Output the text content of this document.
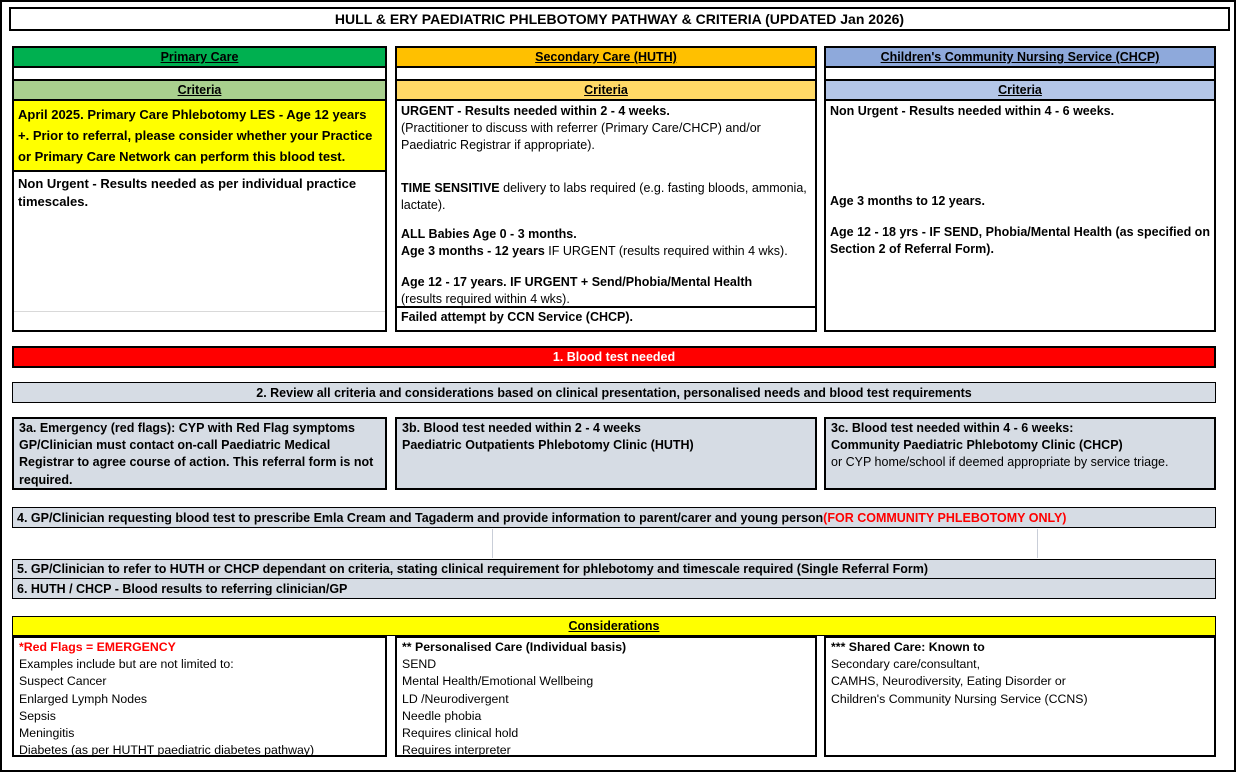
HULL & ERY PAEDIATRIC PHLEBOTOMY PATHWAY & CRITERIA (UPDATED Jan 2026)
Primary Care
Criteria
April 2025. Primary Care Phlebotomy LES - Age 12 years +. Prior to referral, please consider whether your Practice or Primary Care Network can perform this blood test.
Non Urgent - Results needed as per individual practice timescales.
Secondary Care (HUTH)
Criteria
URGENT - Results needed within 2 - 4 weeks.
(Practitioner to discuss with referrer (Primary Care/CHCP) and/or Paediatric Registrar if appropriate).
TIME SENSITIVE delivery to labs required (e.g. fasting bloods, ammonia, lactate).
ALL Babies Age 0 - 3 months.
Age 3 months - 12 years IF URGENT (results required within 4 wks).
Age 12 - 17 years. IF URGENT + Send/Phobia/Mental Health
(results required within 4 wks).
Failed attempt by CCN Service (CHCP).
Children's Community Nursing Service (CHCP)
Criteria
Non Urgent - Results needed within 4 - 6 weeks.
Age 3 months to 12 years.
Age 12 - 18 yrs - IF SEND, Phobia/Mental Health (as specified on Section 2 of Referral Form).
1. Blood test needed
2. Review all criteria and considerations based on clinical presentation, personalised needs and blood test requirements
3a. Emergency (red flags): CYP with Red Flag symptoms GP/Clinician must contact on-call Paediatric Medical Registrar to agree course of action. This referral form is not required.
3b. Blood test needed within 2 - 4 weeks
Paediatric Outpatients Phlebotomy Clinic (HUTH)
3c. Blood test needed within 4 - 6 weeks:
Community Paediatric Phlebotomy Clinic (CHCP)
or CYP home/school if deemed appropriate by service triage.
4. GP/Clinician requesting blood test to prescribe Emla Cream and Tagaderm and provide information to parent/carer and young person (FOR COMMUNITY PHLEBOTOMY ONLY)
5. GP/Clinician to refer to HUTH or CHCP dependant on criteria, stating clinical requirement for phlebotomy and timescale required (Single Referral Form)
6. HUTH / CHCP - Blood results to referring clinician/GP
Considerations
*Red Flags = EMERGENCY
Examples include but are not limited to:
Suspect Cancer
Enlarged Lymph Nodes
Sepsis
Meningitis
Diabetes (as per HUTHT paediatric diabetes pathway)
** Personalised Care (Individual basis)
SEND
Mental Health/Emotional Wellbeing
LD /Neurodivergent
Needle phobia
Requires clinical hold
Requires interpreter
*** Shared Care: Known to
Secondary care/consultant,
CAMHS, Neurodiversity, Eating Disorder or
Children's Community Nursing Service (CCNS)
